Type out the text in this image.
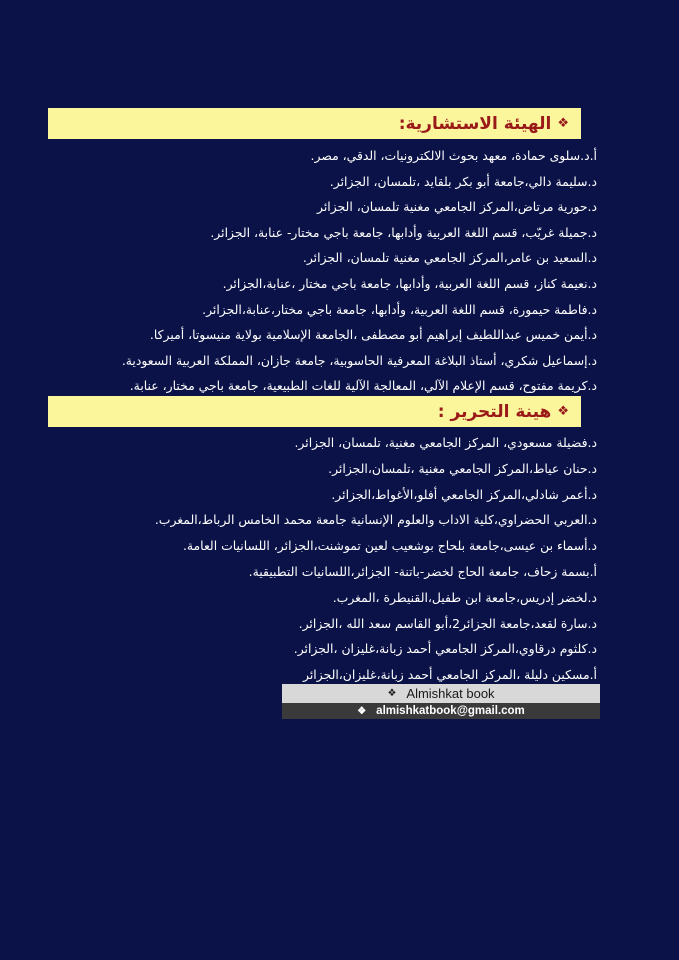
❖
الهيئة الاستشارية:
أ.د.سلوى حمادة، معهد بحوث الالكترونيات، الدقي، مصر.
د.سليمة دالي،جامعة أبو بكر بلقايد ،تلمسان، الجزائر.
د.حورية مرتاض،المركز الجامعي مغنية تلمسان، الجزائر
د.جميلة غريّب، قسم اللغة العربية وأدابها، جامعة باجي مختار- عنابة، الجزائر.
د.السعيد بن عامر،المركز الجامعي مغنية تلمسان، الجزائر.
د.نعيمة كناز، قسم اللغة العربية، وأدابها، جامعة باجي مختار ،عنابة،الجزائر.
د.فاطمة حيمورة، قسم اللغة العربية، وأدابها، جامعة باجي مختار،عنابة،الجزائر.
د.أيمن خميس عبداللطيف إبراهيم أبو مصطفى ،الجامعة الإسلامية بولاية منيسوتا، أميركا.
د.إسماعيل شكري، أستاذ البلاغة المعرفية الحاسوبية، جامعة جازان، المملكة العربية السعودية.
د.كريمة مفتوح، قسم الإعلام الآلي، المعالجة الآلية للغات الطبيعية، جامعة باجي مختار، عنابة.
❖
هينة التحرير :
د.فضيلة مسعودي، المركز الجامعي مغنية، تلمسان، الجزائر.
د.حنان عياط،المركز الجامعي مغنية ،تلمسان،الجزائر.
د.أعمر شادلي،المركز الجامعي أفلو،الأغواط،الجزائر.
د.العربي الحضراوي،كلية الاداب والعلوم الإنسانية جامعة محمد الخامس الرباط،المغرب.
د.أسماء بن عيسى،جامعة بلحاج بوشعيب لعين تموشنت،الجزائر، اللسانيات العامة.
أ.بسمة زحاف، جامعة الحاج لخضر-باتنة- الجزائر،اللسانيات التطبيقية.
د.لخضر إدريس،جامعة ابن طفيل،القنيطرة ،المغرب.
د.سارة لقعد،جامعة الجزائر2،أبو القاسم سعد الله ،الجزائر.
د.كلثوم درقاوي،المركز الجامعي أحمد زبانة،غليزان ،الجزائر.
أ.مسكين دليلة ،المركز الجامعي أحمد زبانة،غليزان،الجزائر
❖ Almishkat book
❖ almishkatbook@gmail.com
